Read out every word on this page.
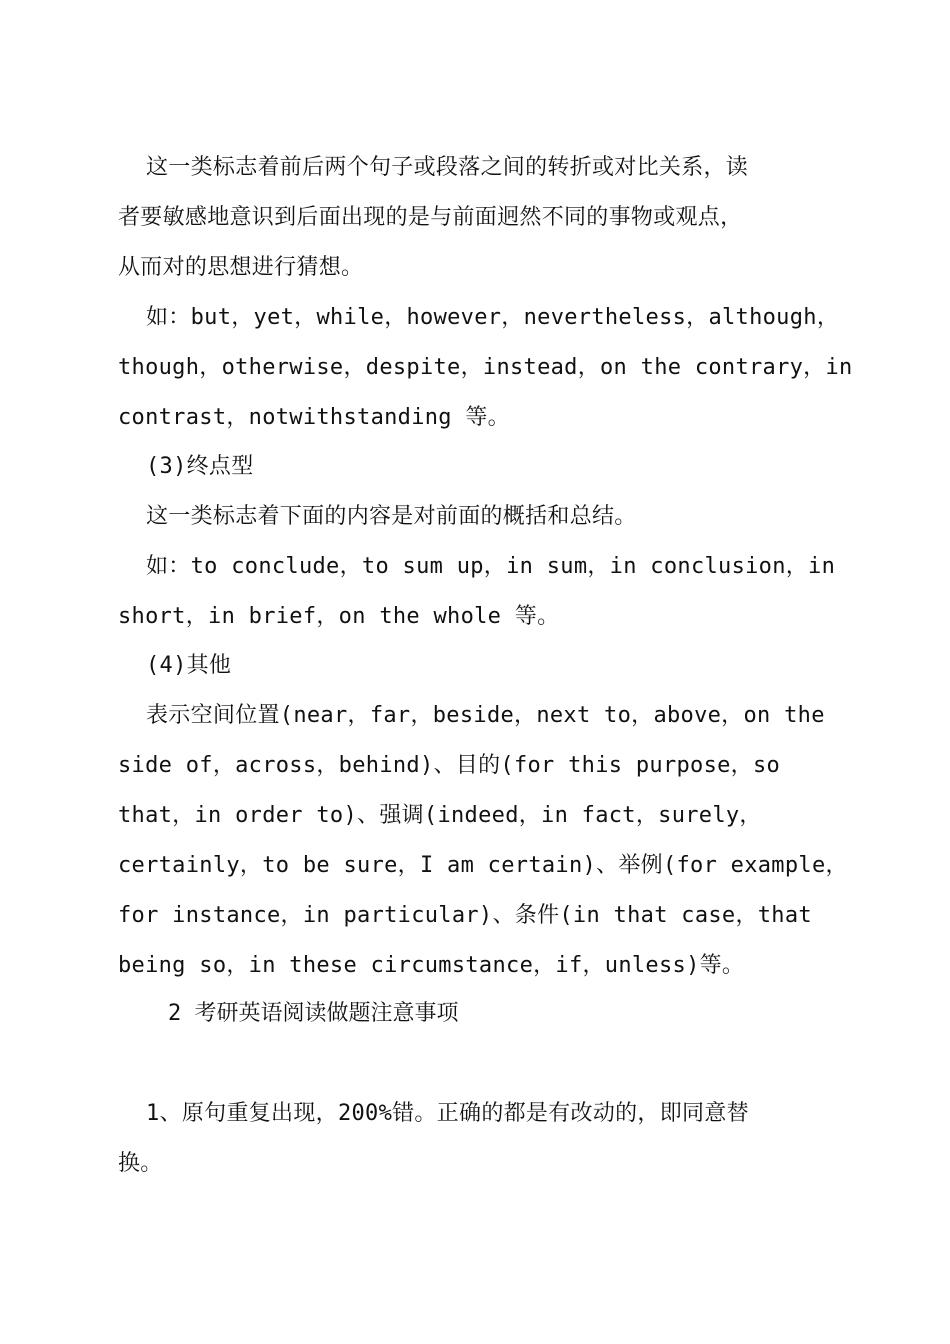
这一类标志着前后两个句子或段落之间的转折或对比关系，读
者要敏感地意识到后面出现的是与前面迥然不同的事物或观点，
从而对的思想进行猜想。
如：but，yet，while，however，nevertheless，although，
though，otherwise，despite，instead，on the contrary，in
contrast，notwithstanding 等。
(3)终点型
这一类标志着下面的内容是对前面的概括和总结。
如：to conclude，to sum up，in sum，in conclusion，in
short，in brief，on the whole 等。
(4)其他
表示空间位置(near，far，beside，next to，above，on the
side of，across，behind)、目的(for this purpose，so
that，in order to)、强调(indeed，in fact，surely，
certainly，to be sure，I am certain)、举例(for example，
for instance，in particular)、条件(in that case，that
being so，in these circumstance，if，unless)等。
2 考研英语阅读做题注意事项
1、原句重复出现，200%错。正确的都是有改动的，即同意替
换。
